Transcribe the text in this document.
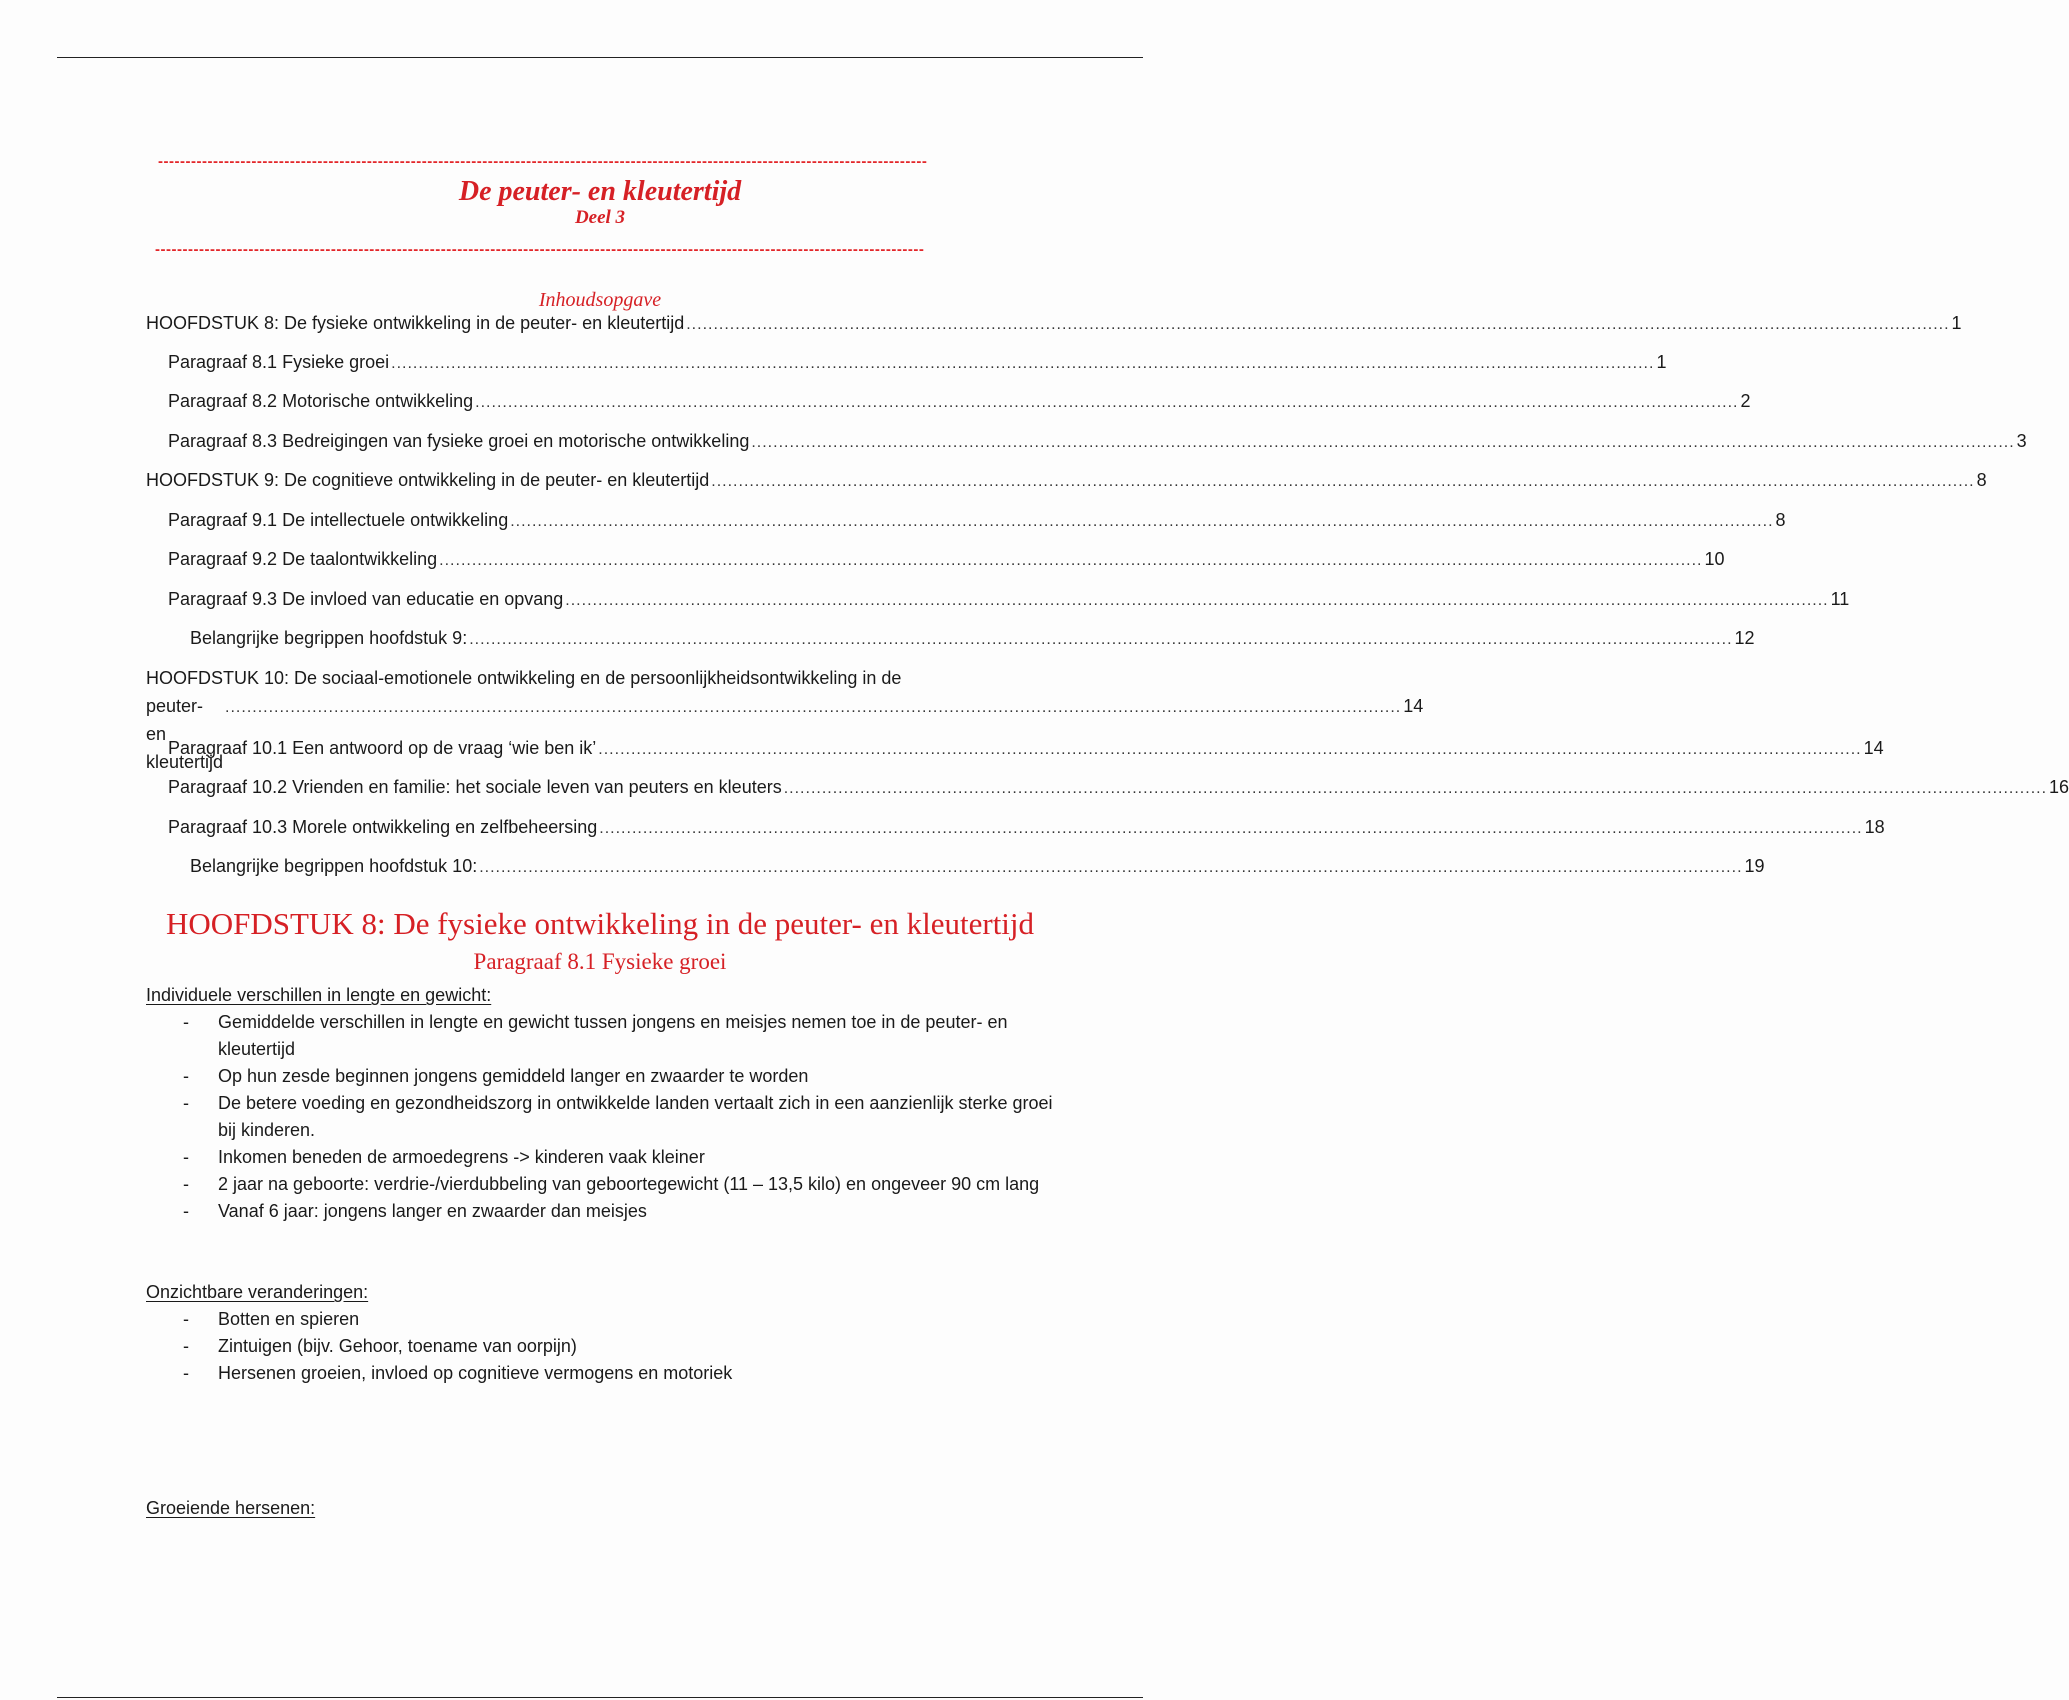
--------------------------------------------------------------------------------------------------------------------------------------------
De peuter- en kleutertijd
Deel 3
--------------------------------------------------------------------------------------------------------------------------------------------
Inhoudsopgave
HOOFDSTUK 8: De fysieke ontwikkeling in de peuter- en kleutertijd .....	1
Paragraaf 8.1 Fysieke groei .....	1
Paragraaf 8.2 Motorische ontwikkeling .....	2
Paragraaf 8.3 Bedreigingen van fysieke groei en motorische ontwikkeling .....	3
HOOFDSTUK 9: De cognitieve ontwikkeling in de peuter- en kleutertijd .....	8
Paragraaf 9.1 De intellectuele ontwikkeling .....	8
Paragraaf 9.2 De taalontwikkeling .....	10
Paragraaf 9.3 De invloed van educatie en opvang .....	11
Belangrijke begrippen hoofdstuk 9: .....	12
HOOFDSTUK 10: De sociaal-emotionele ontwikkeling en de persoonlijkheidsontwikkeling in de
peuter- en kleutertijd
........................................................................................................................................................................................................................ 14
Paragraaf 10.1 Een antwoord op de vraag ‘wie ben ik’ .....	14
Paragraaf 10.2 Vrienden en familie: het sociale leven van peuters en kleuters .....	16
Paragraaf 10.3 Morele ontwikkeling en zelfbeheersing .....	18
Belangrijke begrippen hoofdstuk 10: .....	19
HOOFDSTUK 8: De fysieke ontwikkeling in de peuter- en kleutertijd
Paragraaf 8.1 Fysieke groei
Individuele verschillen in lengte en gewicht:
- Gemiddelde verschillen in lengte en gewicht tussen jongens en meisjes nemen toe in de peuter- en kleutertijd
- Op hun zesde beginnen jongens gemiddeld langer en zwaarder te worden
- De betere voeding en gezondheidszorg in ontwikkelde landen vertaalt zich in een aanzienlijk sterke groei bij kinderen.
- Inkomen beneden de armoedegrens -> kinderen vaak kleiner
- 2 jaar na geboorte: verdrie-/vierdubbeling van geboortegewicht (11 – 13,5 kilo) en ongeveer 90 cm lang
- Vanaf 6 jaar: jongens langer en zwaarder dan meisjes
Onzichtbare veranderingen:
- Botten en spieren
- Zintuigen (bijv. Gehoor, toename van oorpijn)
- Hersenen groeien, invloed op cognitieve vermogens en motoriek
Groeiende hersenen:
